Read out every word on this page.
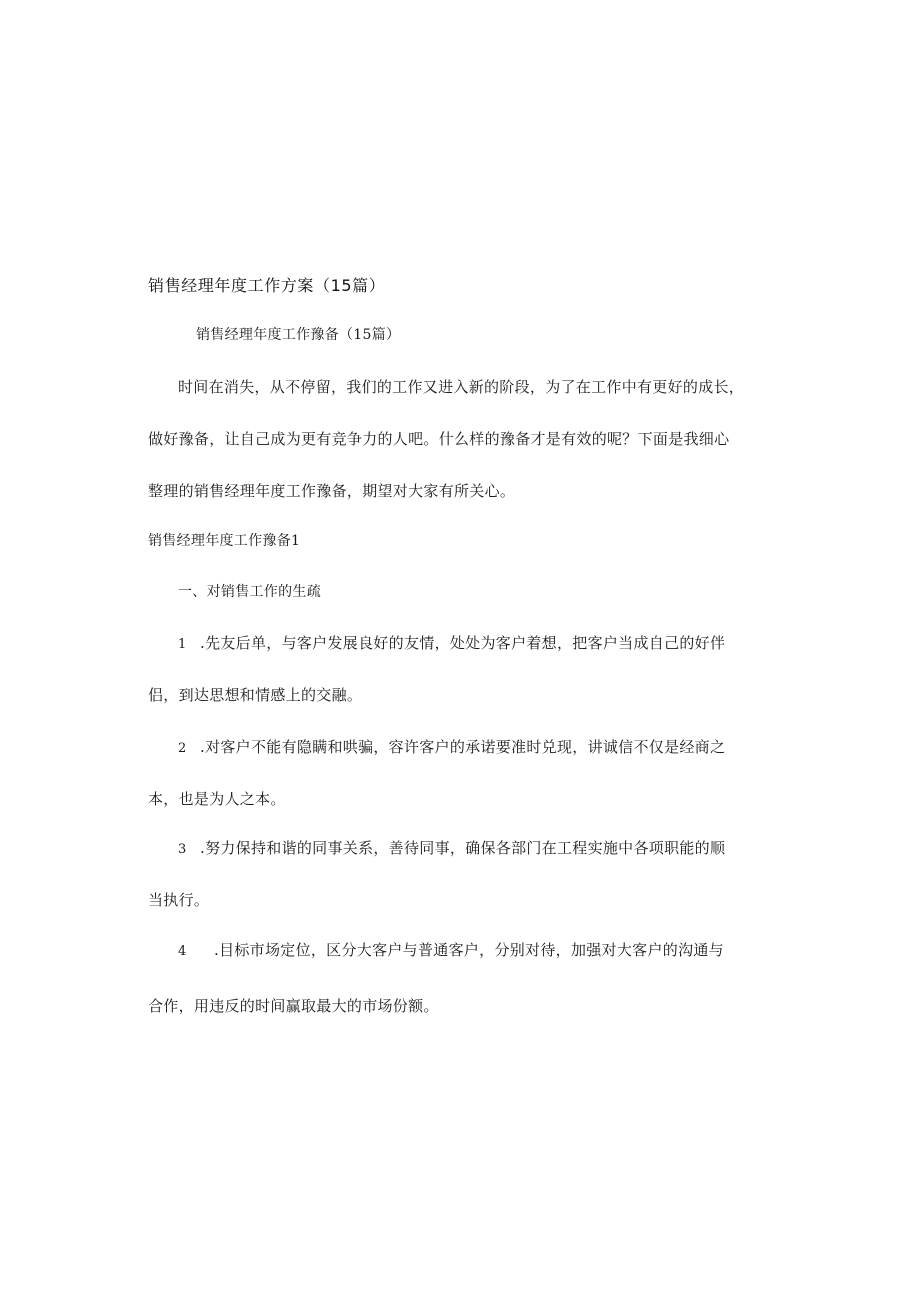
销售经理年度工作方案（15篇）
销售经理年度工作豫备（15篇）
时间在消失，从不停留，我们的工作又进入新的阶段，为了在工作中有更好的成长，
做好豫备，让自己成为更有竞争力的人吧。什么样的豫备才是有效的呢？下面是我细心
整理的销售经理年度工作豫备，期望对大家有所关心。
销售经理年度工作豫备1
一、对销售工作的生疏
1 .先友后单，与客户发展良好的友情，处处为客户着想，把客户当成自己的好伴
侣，到达思想和情感上的交融。
2 .对客户不能有隐瞒和哄骗，容许客户的承诺要准时兑现，讲诚信不仅是经商之
本，也是为人之本。
3 .努力保持和谐的同事关系，善待同事，确保各部门在工程实施中各项职能的顺
当执行。
4 .目标市场定位，区分大客户与普通客户，分别对待，加强对大客户的沟通与
合作，用违反的时间赢取最大的市场份额。
